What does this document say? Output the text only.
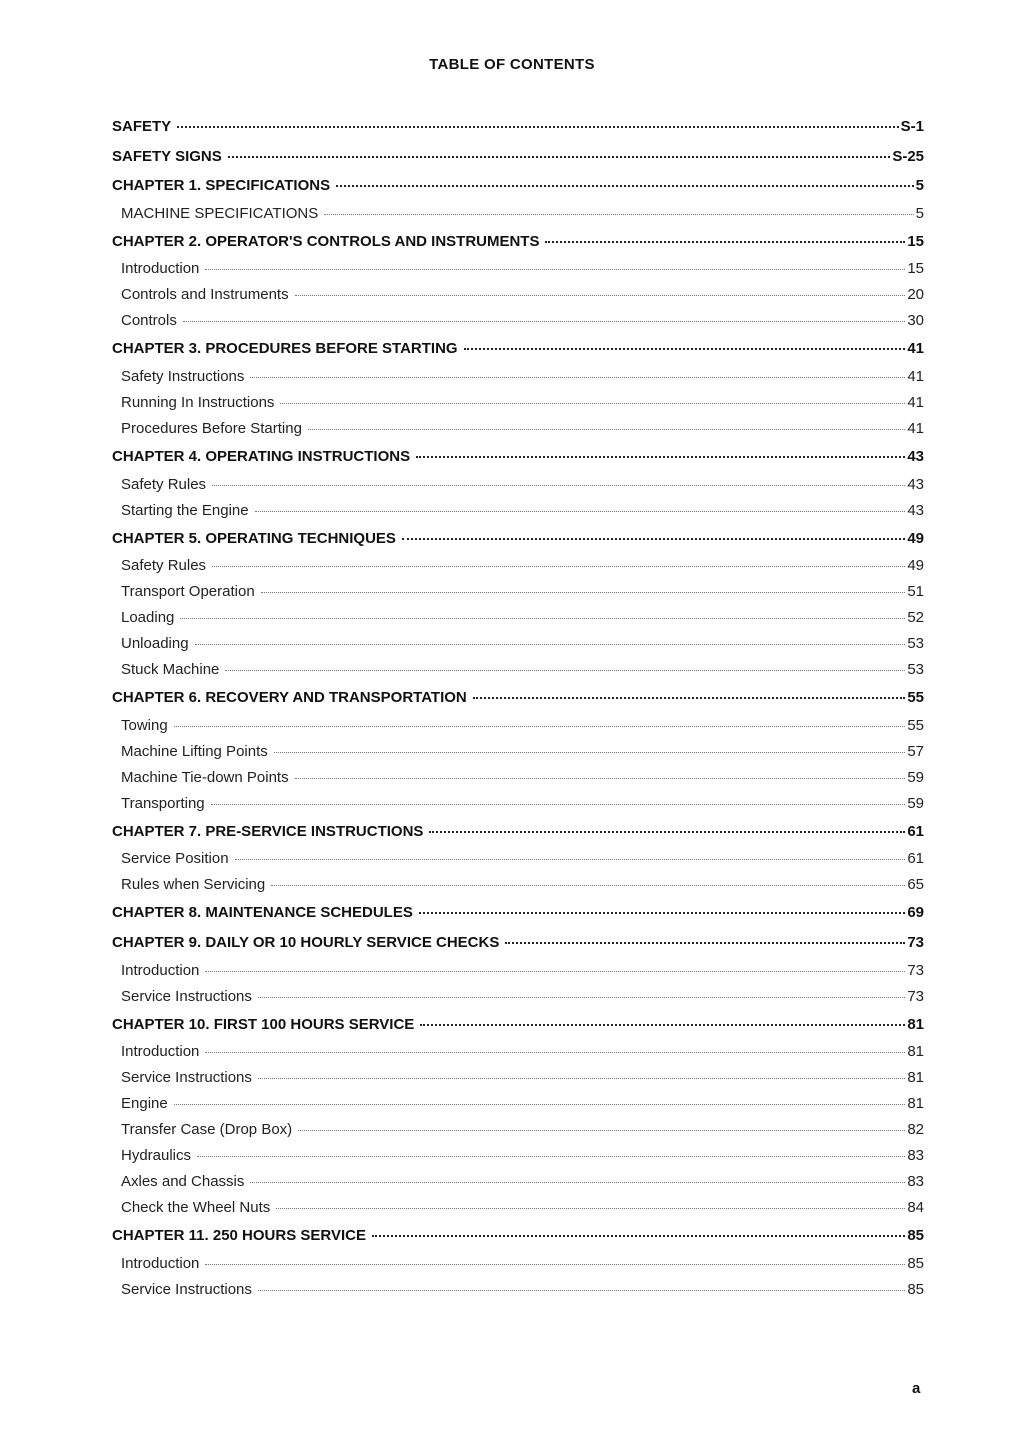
TABLE OF CONTENTS
SAFETY	S-1
SAFETY SIGNS	S-25
CHAPTER 1. SPECIFICATIONS	5
MACHINE SPECIFICATIONS	5
CHAPTER 2. OPERATOR'S CONTROLS AND INSTRUMENTS	15
Introduction	15
Controls and Instruments	20
Controls	30
CHAPTER 3. PROCEDURES BEFORE STARTING	41
Safety Instructions	41
Running In Instructions	41
Procedures Before Starting	41
CHAPTER 4. OPERATING INSTRUCTIONS	43
Safety Rules	43
Starting the Engine	43
CHAPTER 5. OPERATING TECHNIQUES	49
Safety Rules	49
Transport Operation	51
Loading	52
Unloading	53
Stuck Machine	53
CHAPTER 6. RECOVERY AND TRANSPORTATION	55
Towing	55
Machine Lifting Points	57
Machine Tie-down Points	59
Transporting	59
CHAPTER 7. PRE-SERVICE INSTRUCTIONS	61
Service Position	61
Rules when Servicing	65
CHAPTER 8. MAINTENANCE SCHEDULES	69
CHAPTER 9. DAILY OR 10 HOURLY SERVICE CHECKS	73
Introduction	73
Service Instructions	73
CHAPTER 10. FIRST 100 HOURS SERVICE	81
Introduction	81
Service Instructions	81
Engine	81
Transfer Case (Drop Box)	82
Hydraulics	83
Axles and Chassis	83
Check the Wheel Nuts	84
CHAPTER 11. 250 HOURS SERVICE	85
Introduction	85
Service Instructions	85
a
